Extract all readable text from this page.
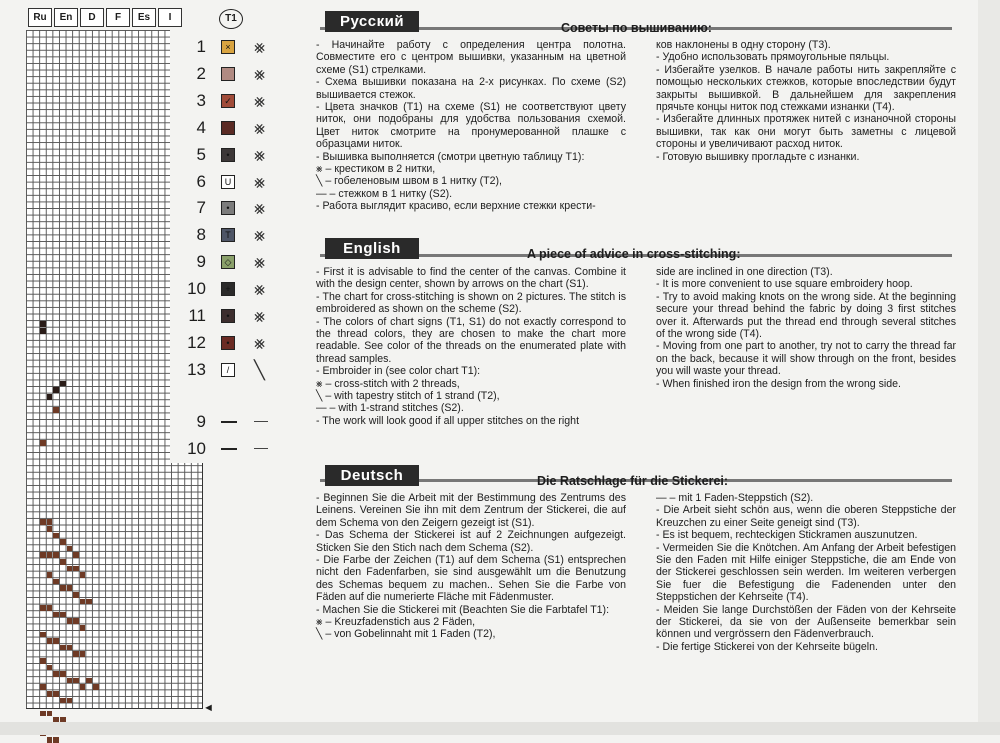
Ru	En	D	F	Es	I
◄
T1
1	× ⨳
2	⨳
3	✓ ⨳
4	⨳
5	•	⨳
6	U ⨳
7	•	⨳
8	T ⨳
9	◇ ⨳
10	+ ⨳
11	•	⨳
12	•	⨳
13	/	╲
9
10
Русский	Советы по вышиванию:
- Начинайте работу с определения центра полотна. Совместите его с центром вышивки, указанным на цветной схеме (S1) стрелками.
- Схема вышивки показана на 2-х рисунках. По схеме (S2) вышивается стежок.
- Цвета значков (T1) на схеме (S1) не соответствуют цвету ниток, они подобраны для удобства пользования схемой. Цвет ниток смотрите на пронумерованной плашке с образцами ниток.
- Вышивка выполняется (смотри цветную таблицу T1):
⨳ – крестиком в 2 нитки,
╲ – гобеленовым швом в 1 нитку (T2),
— – стежком в 1 нитку (S2).
- Работа выглядит красиво, если верхние стежки крести-
ков наклонены в одну сторону (T3).
- Удобно использовать прямоугольные пяльцы.
- Избегайте узелков. В начале работы нить закрепляйте с помощью нескольких стежков, которые впоследствии будут закрыты вышивкой. В дальнейшем для закрепления прячьте концы ниток под стежками изнанки (T4).
- Избегайте длинных протяжек нитей с изнаночной стороны вышивки, так как они могут быть заметны с лицевой стороны и увеличивают расход ниток.
- Готовую вышивку прогладьте с изнанки.
English	A piece of advice in cross-stitching:
- First it is advisable to find the center of the canvas. Combine it with the design center, shown by arrows on the chart (S1).
- The chart for cross-stitching is shown on 2 pictures. The stitch is embroidered as shown on the scheme (S2).
- The colors of chart signs (T1, S1) do not exactly correspond to the thread colors, they are chosen to make the chart more readable. See color of the threads on the enumerated plate with thread samples.
- Embroider in (see color chart T1):
⨳ – cross-stitch with 2 threads,
╲ – with tapestry stitch of 1 strand (T2),
— – with 1-strand stitches (S2).
- The work will look good if all upper stitches on the right
side are inclined in one direction (T3).
- It is more convenient to use square embroidery hoop.
- Try to avoid making knots on the wrong side. At the beginning secure your thread behind the fabric by doing 3 first stitches over it. Afterwards put the thread end through several stitches of the wrong side (T4).
- Moving from one part to another, try not to carry the thread far on the back, because it will show through on the front, besides you will waste your thread.
- When finished iron the design from the wrong side.
Deutsch	Die Ratschlage für die Stickerei:
- Beginnen Sie die Arbeit mit der Bestimmung des Zentrums des Leinens. Vereinen Sie ihn mit dem Zentrum der Stickerei, die auf dem Schema von den Zeigern gezeigt ist (S1).
- Das Schema der Stickerei ist auf 2 Zeichnungen aufgezeigt. Sticken Sie den Stich nach dem Schema (S2).
- Die Farbe der Zeichen (T1) auf dem Schema (S1) entsprechen nicht den Fadenfarben, sie sind ausgewählt um die Benutzung des Schemas bequem zu machen.. Sehen Sie die Farbe von Fäden auf die numerierte Fläche mit Fädenmuster.
- Machen Sie die Stickerei mit (Beachten Sie die Farbtafel T1):
⨳ – Kreuzfadenstich aus 2 Fäden,
╲ – von Gobelinnaht mit 1 Faden (T2),
— – mit 1 Faden-Steppstich (S2).
- Die Arbeit sieht schön aus, wenn die oberen Steppstiche der Kreuzchen zu einer Seite geneigt sind (T3).
- Es ist bequem, rechteckigen Stickramen auszunutzen.
- Vermeiden Sie die Knötchen. Am Anfang der Arbeit befestigen Sie den Faden mit Hilfe einiger Steppstiche, die am Ende von der Stickerei geschlossen sein werden. Im weiteren verbergen Sie fuer die Befestigung die Fadenenden unter den Steppstichen der Kehrseite (T4).
- Meiden Sie lange Durchstößen der Fäden von der Kehrseite der Stickerei, da sie von der Außenseite bemerkbar sein können und vergrössern den Fädenverbrauch.
- Die fertige Stickerei von der Kehrseite bügeln.
